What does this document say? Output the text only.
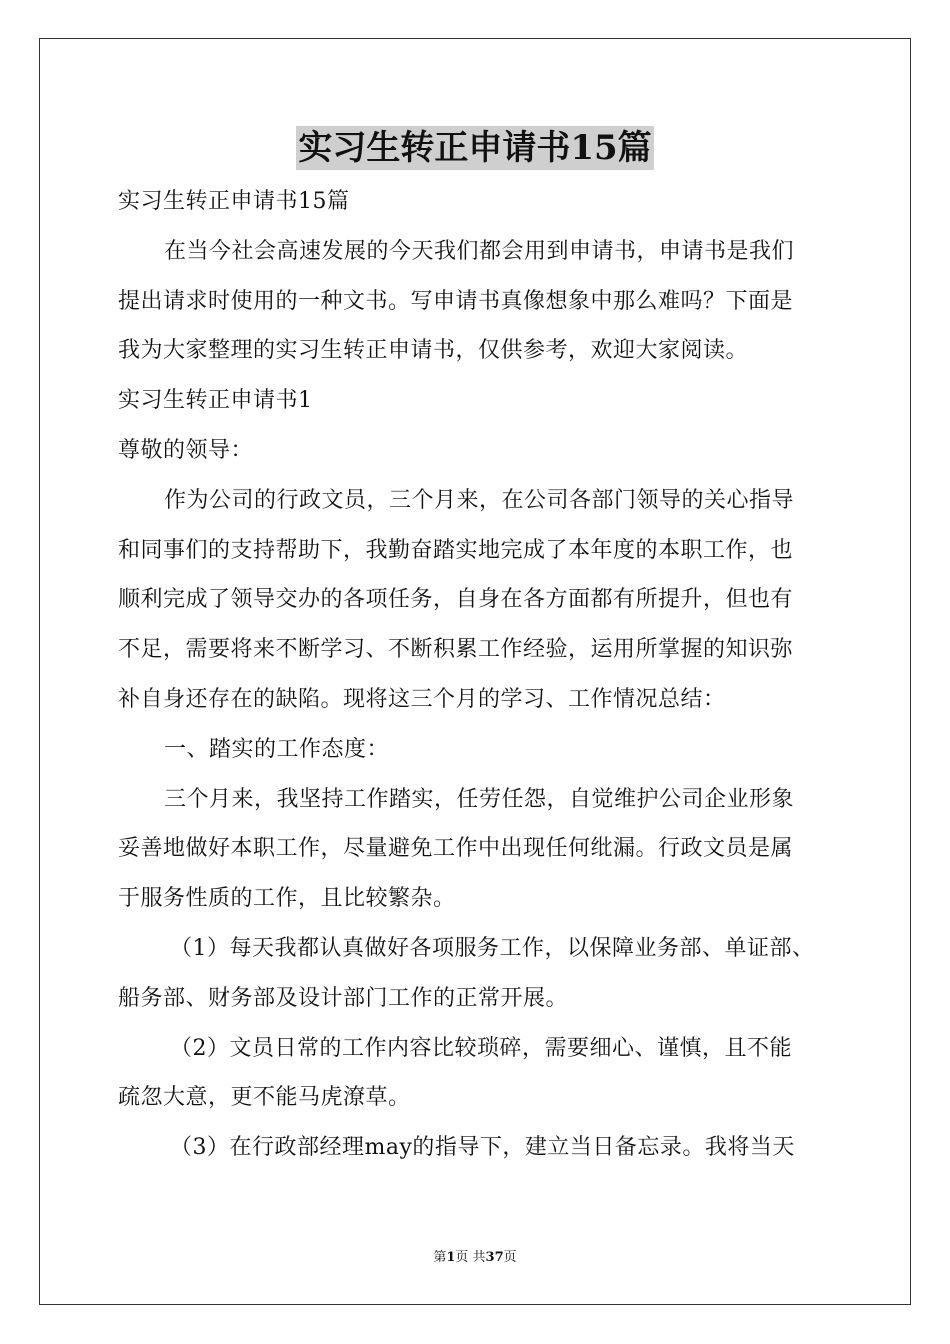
实习生转正申请书15篇
实习生转正申请书15篇
在当今社会高速发展的今天我们都会用到申请书，申请书是我们
提出请求时使用的一种文书。写申请书真像想象中那么难吗？下面是
我为大家整理的实习生转正申请书，仅供参考，欢迎大家阅读。
实习生转正申请书1
尊敬的领导：
作为公司的行政文员，三个月来，在公司各部门领导的关心指导
和同事们的支持帮助下，我勤奋踏实地完成了本年度的本职工作，也
顺利完成了领导交办的各项任务，自身在各方面都有所提升，但也有
不足，需要将来不断学习、不断积累工作经验，运用所掌握的知识弥
补自身还存在的缺陷。现将这三个月的学习、工作情况总结：
一、踏实的工作态度：
三个月来，我坚持工作踏实，任劳任怨，自觉维护公司企业形象
妥善地做好本职工作，尽量避免工作中出现任何纰漏。行政文员是属
于服务性质的工作，且比较繁杂。
（1）每天我都认真做好各项服务工作，以保障业务部、单证部、
船务部、财务部及设计部门工作的正常开展。
（2）文员日常的工作内容比较琐碎，需要细心、谨慎，且不能
疏忽大意，更不能马虎潦草。
（3）在行政部经理may的指导下，建立当日备忘录。我将当天
第1页 共37页
